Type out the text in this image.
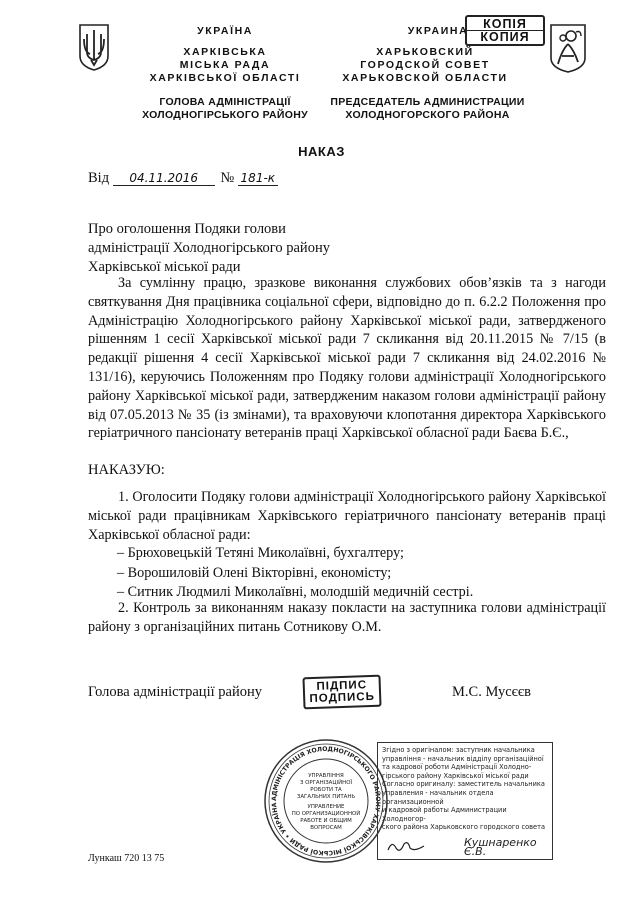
УКРАЇНА
ХАРКІВСЬКА
МІСЬКА РАДА
ХАРКІВСЬКОЇ ОБЛАСТІ
ГОЛОВА АДМІНІСТРАЦІЇ
ХОЛОДНОГІРСЬКОГО РАЙОНУ
УКРАИНА	КОПІЯ
КОПИЯ
ХАРЬКОВСКИЙ
ГОРОДСКОЙ СОВЕТ
ХАРЬКОВСКОЙ ОБЛАСТИ
ПРЕДСЕДАТЕЛЬ АДМИНИСТРАЦИИ
ХОЛОДНОГОРСКОГО РАЙОНА
НАКАЗ
Від 04.11.2016 № 181-к
Про оголошення Подяки голови
адміністрації Холодногірського району
Харківської міської ради

За сумлінну працю, зразкове виконання службових обов’язків та з нагоди святкування Дня працівника соціальної сфери, відповідно до п. 6.2.2 Положення про Адміністрацію Холодногірського району Харківської міської ради, затвердженого рішенням 1 сесії Харківської міської ради 7 скликання від 20.11.2015 № 7/15 (в редакції рішення 4 сесії Харківської міської ради 7 скликання від 24.02.2016 № 131/16), керуючись Положенням про Подяку голови адміністрації Холодногірського району Харківської міської ради, затвердженим наказом голови адміністрації району від 07.05.2013 № 35 (із змінами), та враховуючи клопотання директора Харківського геріатричного пансіонату ветеранів праці Харківської обласної ради Баєва Б.Є.,

НАКАЗУЮ:

1. Оголосити Подяку голови адміністрації Холодногірського району Харківської міської ради працівникам Харківського геріатричного пансіонату ветеранів праці Харківської обласної ради:

– Брюховецькій Тетяні Миколаївні, бухгалтеру;
– Ворошиловій Олені Вікторівні, економісту;
– Ситник Людмилі Миколаївні, молодшій медичній сестрі.

2. Контроль за виконанням наказу покласти на заступника голови адміністрації району з організаційних питань Сотникову О.М.

Голова адміністрації району	ПІДПИС
ПОДПИСЬ	М.С. Мусєєв
АДМІНІСТРАЦІЯ ХОЛОДНОГІРСЬКОГО РАЙОНУ ХАРКІВСЬКОЇ МІСЬКОЇ РАДИ • УКРАЇНА
УПРАВЛІННЯ
З ОРГАНІЗАЦІЙНОЇ
РОБОТИ ТА
ЗАГАЛЬНИХ ПИТАНЬ
УПРАВЛЕНИЕ
ПО ОРГАНИЗАЦИОННОЙ
РАБОТЕ И ОБЩИМ
ВОПРОСАМ
Згідно з оригіналом: заступник начальника
управління - начальник відділу організаційної
та кадрової роботи Адміністрації Холодно-
гірського району Харківської міської ради
Согласно оригиналу: заместитель начальника
управления - начальник отдела организационной
и кадровой работы Администрации Холодногор-
ского района Харьковского городского совета
Кушнаренко Є.В.
Лункаш 720 13 75
